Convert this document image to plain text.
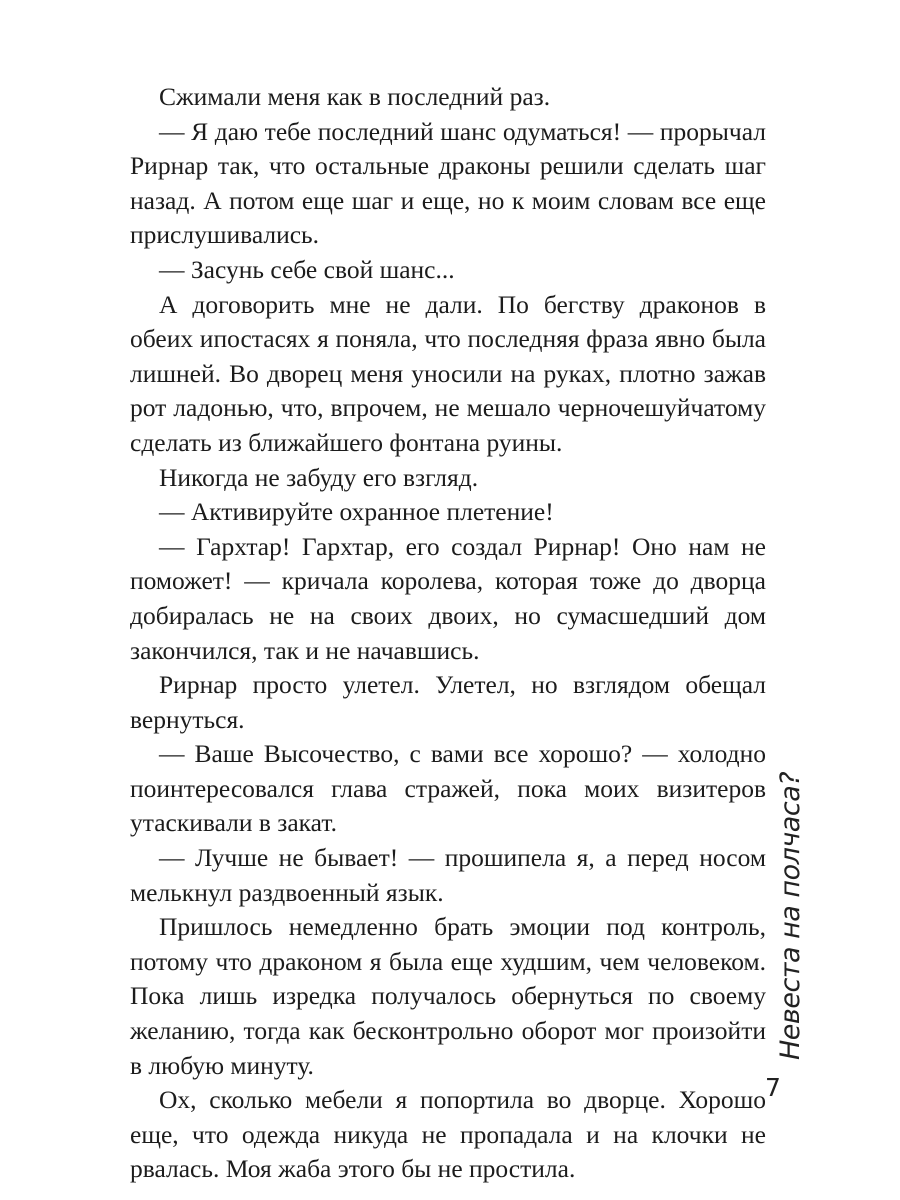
Сжимали меня как в последний раз.

— Я даю тебе последний шанс одуматься! — прорычал Рирнар так, что остальные драконы решили сделать шаг назад. А потом еще шаг и еще, но к моим словам все еще прислушивались.

— Засунь себе свой шанс...

А договорить мне не дали. По бегству драконов в обеих ипостасях я поняла, что последняя фраза явно была лишней. Во дворец меня уносили на руках, плотно зажав рот ладонью, что, впрочем, не мешало черночешуйчатому сделать из ближайшего фонтана руины.

Никогда не забуду его взгляд.

— Активируйте охранное плетение!

— Гархтар! Гархтар, его создал Рирнар! Оно нам не поможет! — кричала королева, которая тоже до дворца добиралась не на своих двоих, но сумасшедший дом закончился, так и не начавшись.

Рирнар просто улетел. Улетел, но взглядом обещал вернуться.

— Ваше Высочество, с вами все хорошо? — холодно поинтересовался глава стражей, пока моих визитеров утаскивали в закат.

— Лучше не бывает! — прошипела я, а перед носом мелькнул раздвоенный язык.

Пришлось немедленно брать эмоции под контроль, потому что драконом я была еще худшим, чем человеком. Пока лишь изредка получалось обернуться по своему желанию, тогда как бесконтрольно оборот мог произойти в любую минуту.

Ох, сколько мебели я попортила во дворце. Хорошо еще, что одежда никуда не пропадала и на клочки не рвалась. Моя жаба этого бы не простила.

Невеста на полчаса?
7
